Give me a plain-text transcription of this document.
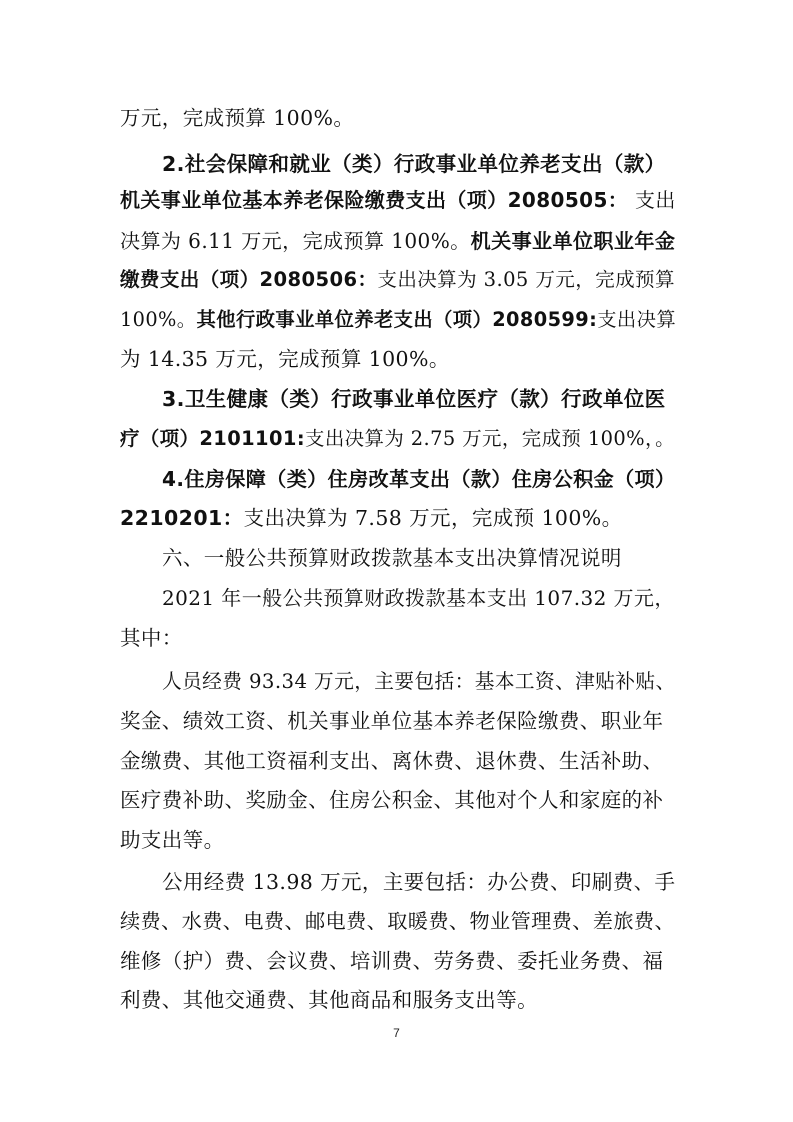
万元，完成预算 100%。
2.社会保障和就业（类）行政事业单位养老支出（款）
机关事业单位基本养老保险缴费支出（项）2080505： 支出
决算为 6.11 万元，完成预算 100%。机关事业单位职业年金
缴费支出（项）2080506：支出决算为 3.05 万元，完成预算
100%。其他行政事业单位养老支出（项）2080599:支出决算
为 14.35 万元，完成预算 100%。
3.卫生健康（类）行政事业单位医疗（款）行政单位医
疗（项）2101101:支出决算为 2.75 万元，完成预 100%，。
4.住房保障（类）住房改革支出（款）住房公积金（项）
2210201：支出决算为 7.58 万元，完成预 100%。
六、一般公共预算财政拨款基本支出决算情况说明
2021 年一般公共预算财政拨款基本支出 107.32 万元，
其中：
人员经费 93.34 万元，主要包括：基本工资、津贴补贴、
奖金、绩效工资、机关事业单位基本养老保险缴费、职业年
金缴费、其他工资福利支出、离休费、退休费、生活补助、
医疗费补助、奖励金、住房公积金、其他对个人和家庭的补
助支出等。
公用经费 13.98 万元，主要包括：办公费、印刷费、手
续费、水费、电费、邮电费、取暖费、物业管理费、差旅费、
维修（护）费、会议费、培训费、劳务费、委托业务费、福
利费、其他交通费、其他商品和服务支出等。
7
